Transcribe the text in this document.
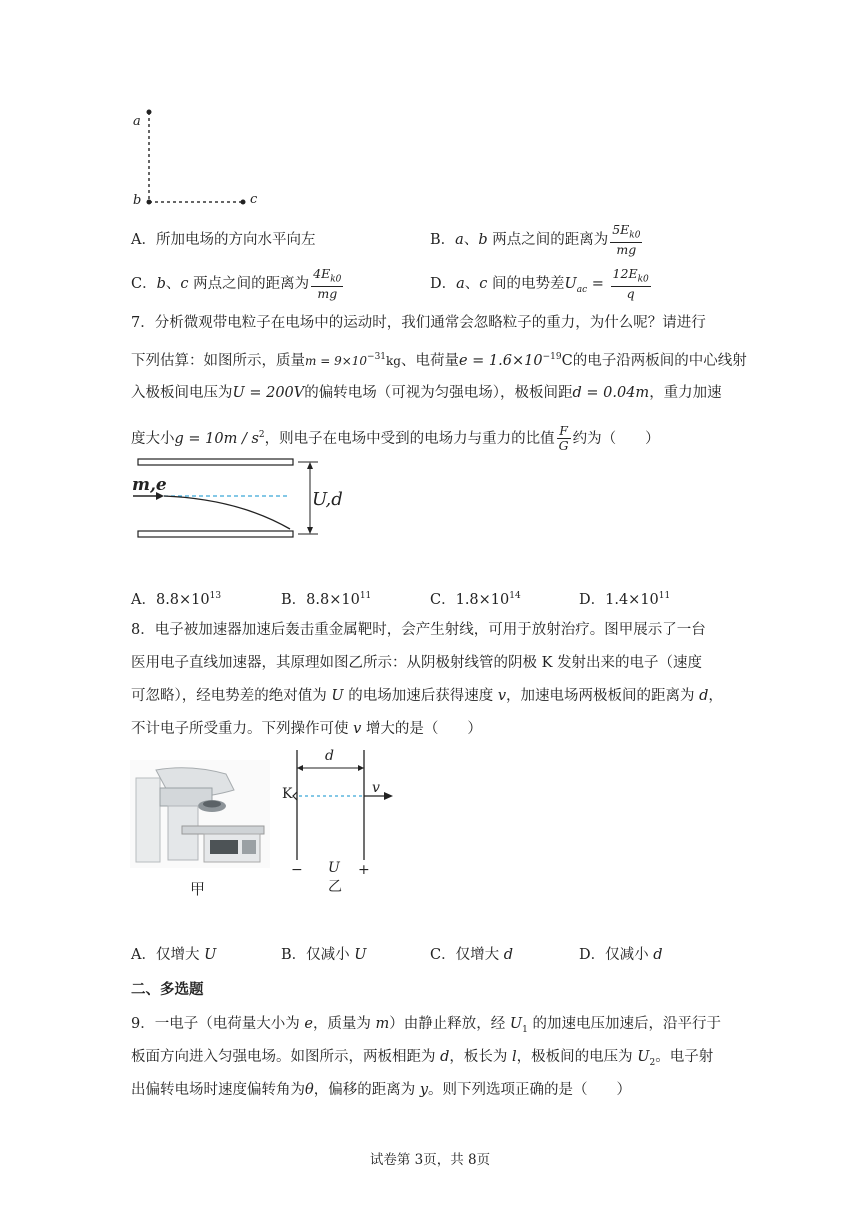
a
b	c
A．所加电场的方向水平向左	B．a、b 两点之间的距离为 $\frac{5E_{k0}}{mg}$
C．b、c 两点之间的距离为 $\frac{4E_{k0}}{mg}$	D．a、c 间的电势差$U_{ac} = \frac{12E_{k0}}{q}$
7．分析微观带电粒子在电场中的运动时，我们通常会忽略粒子的重力，为什么呢？请进行
下列估算：如图所示，质量$m = 9\times 10^{-31}kg$、电荷量$e = 1.6\times 10^{-19}C$的电子沿两板间的中心线射
入极板间电压为U = 200V的偏转电场（可视为匀强电场），极板间距d = 0.04m，重力加速
度大小$g = 10m / s^2$，则电子在电场中受到的电场力与重力的比值 $\frac{F}{G}$ 约为（　　）
m,e
U,d
A．$8.8\times 10^{13}$	B．$8.8\times 10^{11}$	C．$1.8\times 10^{14}$	D．$1.4\times 10^{11}$
8．电子被加速器加速后轰击重金属靶时，会产生射线，可用于放射治疗。图甲展示了一台
医用电子直线加速器，其原理如图乙所示：从阴极射线管的阴极 K 发射出来的电子（速度
可忽略），经电势差的绝对值为 U 的电场加速后获得速度 v，加速电场两极板间的距离为 d，
不计电子所受重力。下列操作可使 v 增大的是（　　）
甲
d
K	v
− U +
乙
A．仅增大 U	B．仅减小 U	C．仅增大 d	D．仅减小 d
二、多选题
9．一电子（电荷量大小为 e，质量为 m）由静止释放，经 $U_1$ 的加速电压加速后，沿平行于
板面方向进入匀强电场。如图所示，两板相距为 d，板长为 l，极板间的电压为 $U_2$。电子射
出偏转电场时速度偏转角为θ，偏移的距离为 y。则下列选项正确的是（　　）
试卷第 3页，共 8页
